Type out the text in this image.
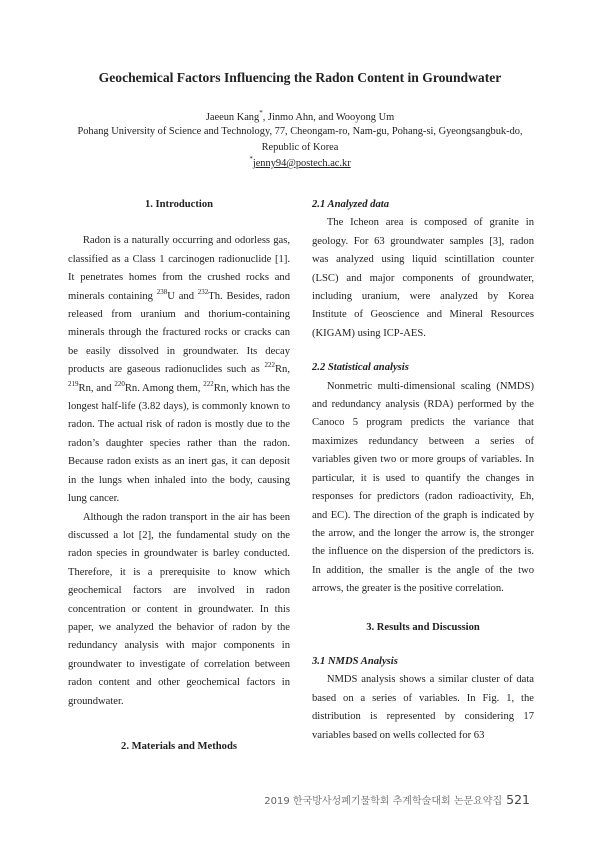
Geochemical Factors Influencing the Radon Content in Groundwater
Jaeeun Kang*, Jinmo Ahn, and Wooyong Um
Pohang University of Science and Technology, 77, Cheongam-ro, Nam-gu, Pohang-si, Gyeongsangbuk-do,
Republic of Korea
*jenny94@postech.ac.kr
1. Introduction

Radon is a naturally occurring and odorless gas, classified as a Class 1 carcinogen radionuclide [1]. It penetrates homes from the crushed rocks and minerals containing $^{238}$U and $^{232}$Th. Besides, radon released from uranium and thorium-containing minerals through the fractured rocks or cracks can be easily dissolved in groundwater. Its decay products are gaseous radionuclides such as $^{222}$Rn, $^{219}$Rn, and $^{220}$Rn. Among them, $^{222}$Rn, which has the longest half-life (3.82 days), is commonly known to radon. The actual risk of radon is mostly due to the radon’s daughter species rather than the radon. Because radon exists as an inert gas, it can deposit in the lungs when inhaled into the body, causing lung cancer.

Although the radon transport in the air has been discussed a lot [2], the fundamental study on the radon species in groundwater is barley conducted. Therefore, it is a prerequisite to know which geochemical factors are involved in radon concentration or content in groundwater. In this paper, we analyzed the behavior of radon by the redundancy analysis with major components in groundwater to investigate of correlation between radon content and other geochemical factors in groundwater.

2. Materials and Methods
2.1 Analyzed data

The Icheon area is composed of granite in geology. For 63 groundwater samples [3], radon was analyzed using liquid scintillation counter (LSC) and major components of groundwater, including uranium, were analyzed by Korea Institute of Geoscience and Mineral Resources (KIGAM) using ICP-AES.

2.2 Statistical analysis

Nonmetric multi-dimensional scaling (NMDS) and redundancy analysis (RDA) performed by the Canoco 5 program predicts the variance that maximizes redundancy between a series of variables given two or more groups of variables. In particular, it is used to quantify the changes in responses for predictors (radon radioactivity, Eh, and EC). The direction of the graph is indicated by the arrow, and the longer the arrow is, the stronger the influence on the dispersion of the predictors is. In addition, the smaller is the angle of the two arrows, the greater is the positive correlation.

3. Results and Discussion
3.1 NMDS Analysis

NMDS analysis shows a similar cluster of data based on a series of variables. In Fig. 1, the distribution is represented by considering 17 variables based on wells collected for 63

2019 한국방사성폐기물학회 추계학술대회 논문요약집 521
